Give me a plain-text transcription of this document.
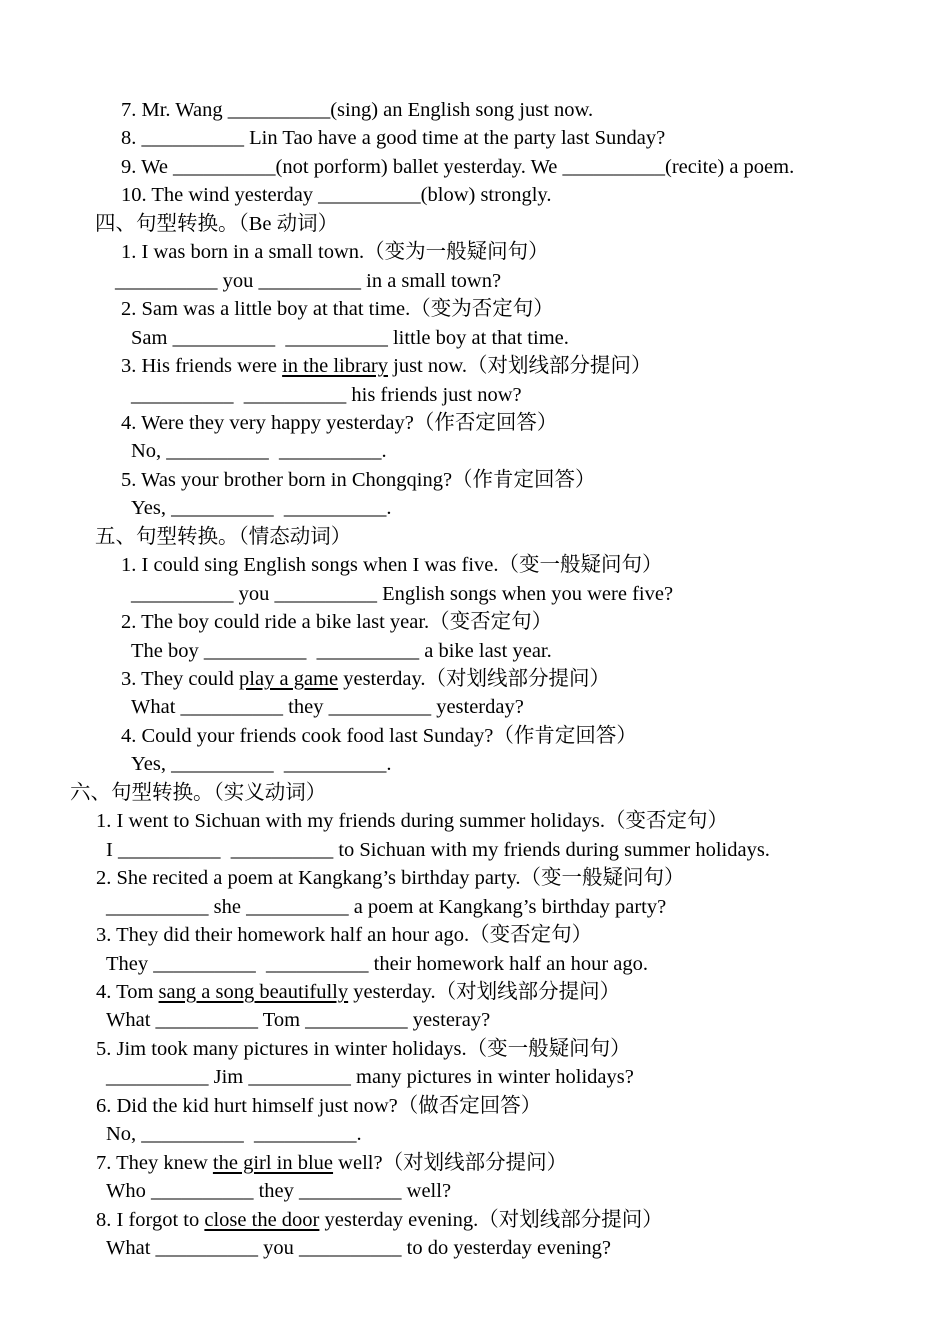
7. Mr. Wang __________(sing) an English song just now.
8. __________ Lin Tao have a good time at the party last Sunday?
9. We __________(not porform) ballet yesterday. We __________(recite) a poem.
10. The wind yesterday __________(blow) strongly.
四、句型转换。（Be 动词）
1. I was born in a small town.（变为一般疑问句）
__________ you __________ in a small town?
2. Sam was a little boy at that time.（变为否定句）
Sam __________  __________ little boy at that time.
3. His friends were in the library just now.（对划线部分提问）
__________  __________ his friends just now?
4. Were they very happy yesterday?（作否定回答）
No, __________  __________.
5. Was your brother born in Chongqing?（作肯定回答）
Yes, __________  __________.
五、句型转换。（情态动词）
1. I could sing English songs when I was five.（变一般疑问句）
__________ you __________ English songs when you were five?
2. The boy could ride a bike last year.（变否定句）
The boy __________  __________ a bike last year.
3. They could play a game yesterday.（对划线部分提问）
What __________ they __________ yesterday?
4. Could your friends cook food last Sunday?（作肯定回答）
Yes, __________  __________.
六、句型转换。（实义动词）
1. I went to Sichuan with my friends during summer holidays.（变否定句）
I __________  __________ to Sichuan with my friends during summer holidays.
2. She recited a poem at Kangkang’s birthday party.（变一般疑问句）
__________ she __________ a poem at Kangkang’s birthday party?
3. They did their homework half an hour ago.（变否定句）
They __________  __________ their homework half an hour ago.
4. Tom sang a song beautifully yesterday.（对划线部分提问）
What __________ Tom __________ yesteray?
5. Jim took many pictures in winter holidays.（变一般疑问句）
__________ Jim __________ many pictures in winter holidays?
6. Did the kid hurt himself just now?（做否定回答）
No, __________  __________.
7. They knew the girl in blue well?（对划线部分提问）
Who __________ they __________ well?
8. I forgot to close the door yesterday evening.（对划线部分提问）
What __________ you __________ to do yesterday evening?
